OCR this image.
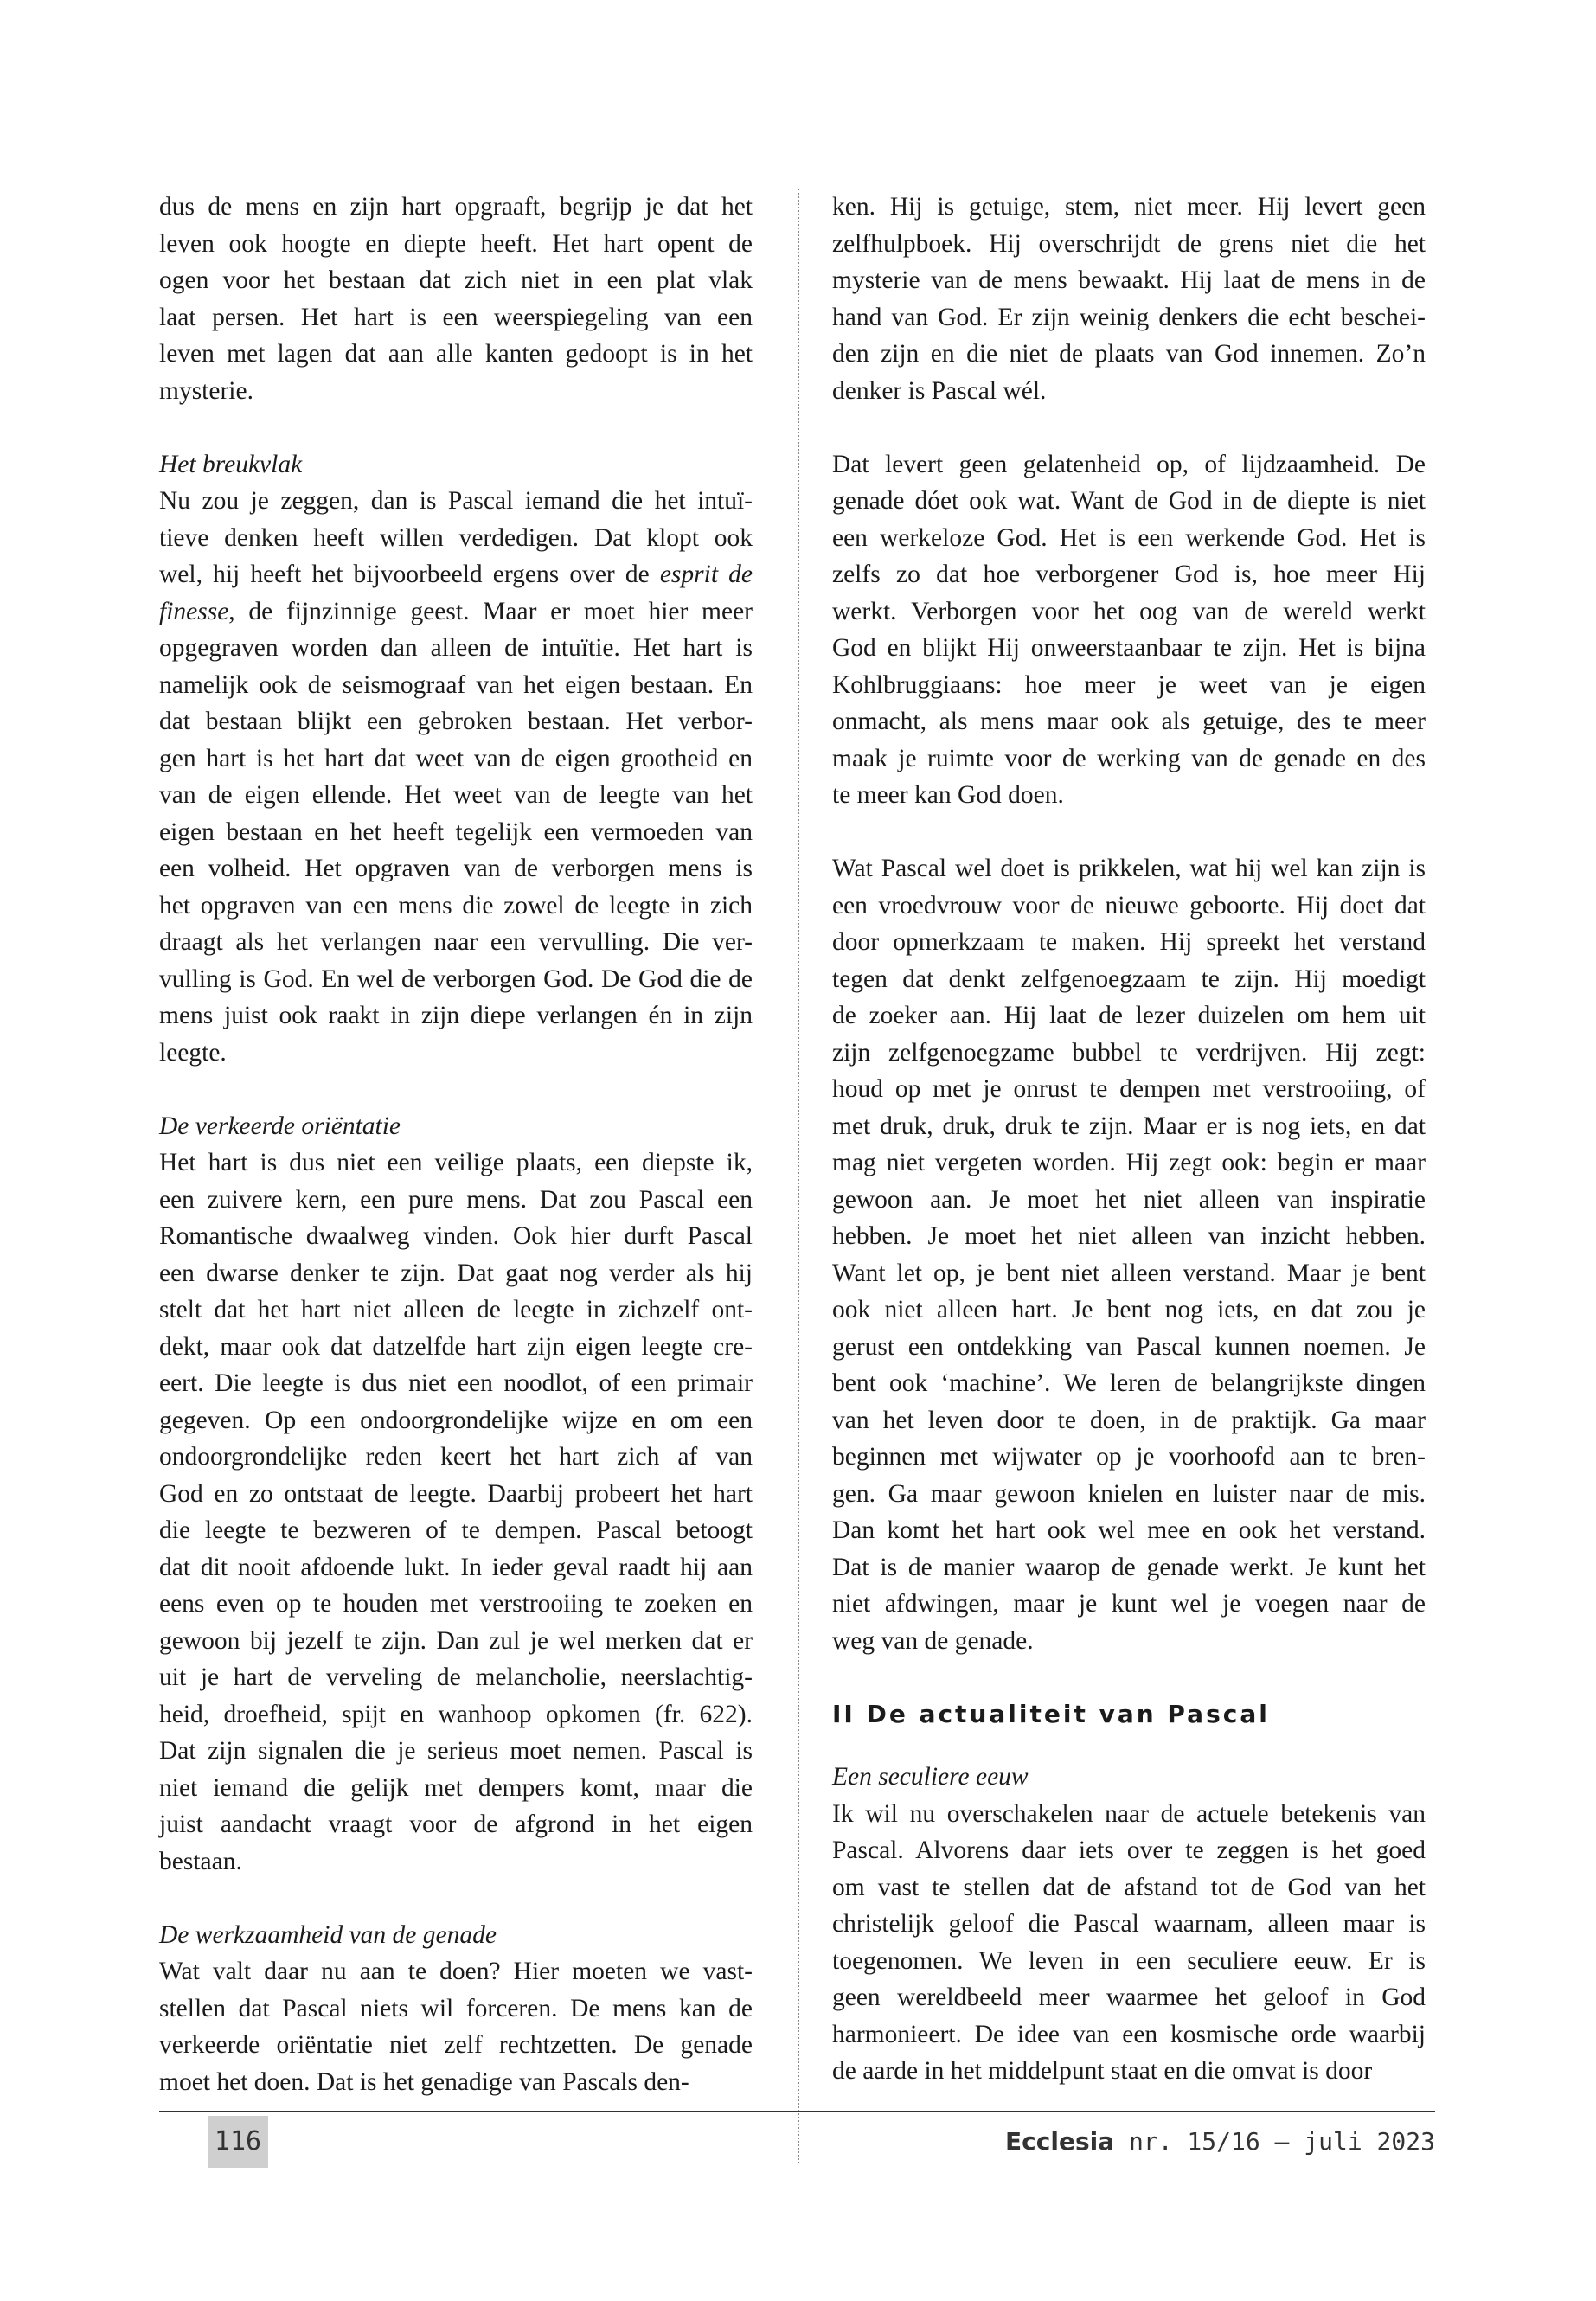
dus de mens en zijn hart opgraaft, begrijp je dat het
leven ook hoogte en diepte heeft. Het hart opent de
ogen voor het bestaan dat zich niet in een plat vlak
laat persen. Het hart is een weerspiegeling van een
leven met lagen dat aan alle kanten gedoopt is in het
mysterie.

Het breukvlak

Nu zou je zeggen, dan is Pascal iemand die het intuï-
tieve denken heeft willen verdedigen. Dat klopt ook
wel, hij heeft het bijvoorbeeld ergens over de esprit de
finesse, de fijnzinnige geest. Maar er moet hier meer
opgegraven worden dan alleen de intuïtie. Het hart is
namelijk ook de seismograaf van het eigen bestaan. En
dat bestaan blijkt een gebroken bestaan. Het verbor-
gen hart is het hart dat weet van de eigen grootheid en
van de eigen ellende. Het weet van de leegte van het
eigen bestaan en het heeft tegelijk een vermoeden van
een volheid. Het opgraven van de verborgen mens is
het opgraven van een mens die zowel de leegte in zich
draagt als het verlangen naar een vervulling. Die ver-
vulling is God. En wel de verborgen God. De God die de
mens juist ook raakt in zijn diepe verlangen én in zijn
leegte.

De verkeerde oriëntatie

Het hart is dus niet een veilige plaats, een diepste ik,
een zuivere kern, een pure mens. Dat zou Pascal een
Romantische dwaalweg vinden. Ook hier durft Pascal
een dwarse denker te zijn. Dat gaat nog verder als hij
stelt dat het hart niet alleen de leegte in zichzelf ont-
dekt, maar ook dat datzelfde hart zijn eigen leegte cre-
eert. Die leegte is dus niet een noodlot, of een primair
gegeven. Op een ondoorgrondelijke wijze en om een
ondoorgrondelijke reden keert het hart zich af van
God en zo ontstaat de leegte. Daarbij probeert het hart
die leegte te bezweren of te dempen. Pascal betoogt
dat dit nooit afdoende lukt. In ieder geval raadt hij aan
eens even op te houden met verstrooiing te zoeken en
gewoon bij jezelf te zijn. Dan zul je wel merken dat er
uit je hart de verveling de melancholie, neerslachtig-
heid, droefheid, spijt en wanhoop opkomen (fr. 622).
Dat zijn signalen die je serieus moet nemen. Pascal is
niet iemand die gelijk met dempers komt, maar die
juist aandacht vraagt voor de afgrond in het eigen
bestaan.

De werkzaamheid van de genade

Wat valt daar nu aan te doen? Hier moeten we vast-
stellen dat Pascal niets wil forceren. De mens kan de
verkeerde oriëntatie niet zelf rechtzetten. De genade
moet het doen. Dat is het genadige van Pascals den-

ken. Hij is getuige, stem, niet meer. Hij levert geen
zelfhulpboek. Hij overschrijdt de grens niet die het
mysterie van de mens bewaakt. Hij laat de mens in de
hand van God. Er zijn weinig denkers die echt beschei-
den zijn en die niet de plaats van God innemen. Zo’n
denker is Pascal wél.

Dat levert geen gelatenheid op, of lijdzaamheid. De
genade dóet ook wat. Want de God in de diepte is niet
een werkeloze God. Het is een werkende God. Het is
zelfs zo dat hoe verborgener God is, hoe meer Hij
werkt. Verborgen voor het oog van de wereld werkt
God en blijkt Hij onweerstaanbaar te zijn. Het is bijna
Kohlbruggiaans: hoe meer je weet van je eigen
onmacht, als mens maar ook als getuige, des te meer
maak je ruimte voor de werking van de genade en des
te meer kan God doen.

Wat Pascal wel doet is prikkelen, wat hij wel kan zijn is
een vroedvrouw voor de nieuwe geboorte. Hij doet dat
door opmerkzaam te maken. Hij spreekt het verstand
tegen dat denkt zelfgenoegzaam te zijn. Hij moedigt
de zoeker aan. Hij laat de lezer duizelen om hem uit
zijn zelfgenoegzame bubbel te verdrijven. Hij zegt:
houd op met je onrust te dempen met verstrooiing, of
met druk, druk, druk te zijn. Maar er is nog iets, en dat
mag niet vergeten worden. Hij zegt ook: begin er maar
gewoon aan. Je moet het niet alleen van inspiratie
hebben. Je moet het niet alleen van inzicht hebben.
Want let op, je bent niet alleen verstand. Maar je bent
ook niet alleen hart. Je bent nog iets, en dat zou je
gerust een ontdekking van Pascal kunnen noemen. Je
bent ook ‘machine’. We leren de belangrijkste dingen
van het leven door te doen, in de praktijk. Ga maar
beginnen met wijwater op je voorhoofd aan te bren-
gen. Ga maar gewoon knielen en luister naar de mis.
Dan komt het hart ook wel mee en ook het verstand.
Dat is de manier waarop de genade werkt. Je kunt het
niet afdwingen, maar je kunt wel je voegen naar de
weg van de genade.

II De actualiteit van Pascal

Een seculiere eeuw

Ik wil nu overschakelen naar de actuele betekenis van
Pascal. Alvorens daar iets over te zeggen is het goed
om vast te stellen dat de afstand tot de God van het
christelijk geloof die Pascal waarnam, alleen maar is
toegenomen. We leven in een seculiere eeuw. Er is
geen wereldbeeld meer waarmee het geloof in God
harmonieert. De idee van een kosmische orde waarbij
de aarde in het middelpunt staat en die omvat is door

116	Ecclesia nr. 15/16 – juli 2023
